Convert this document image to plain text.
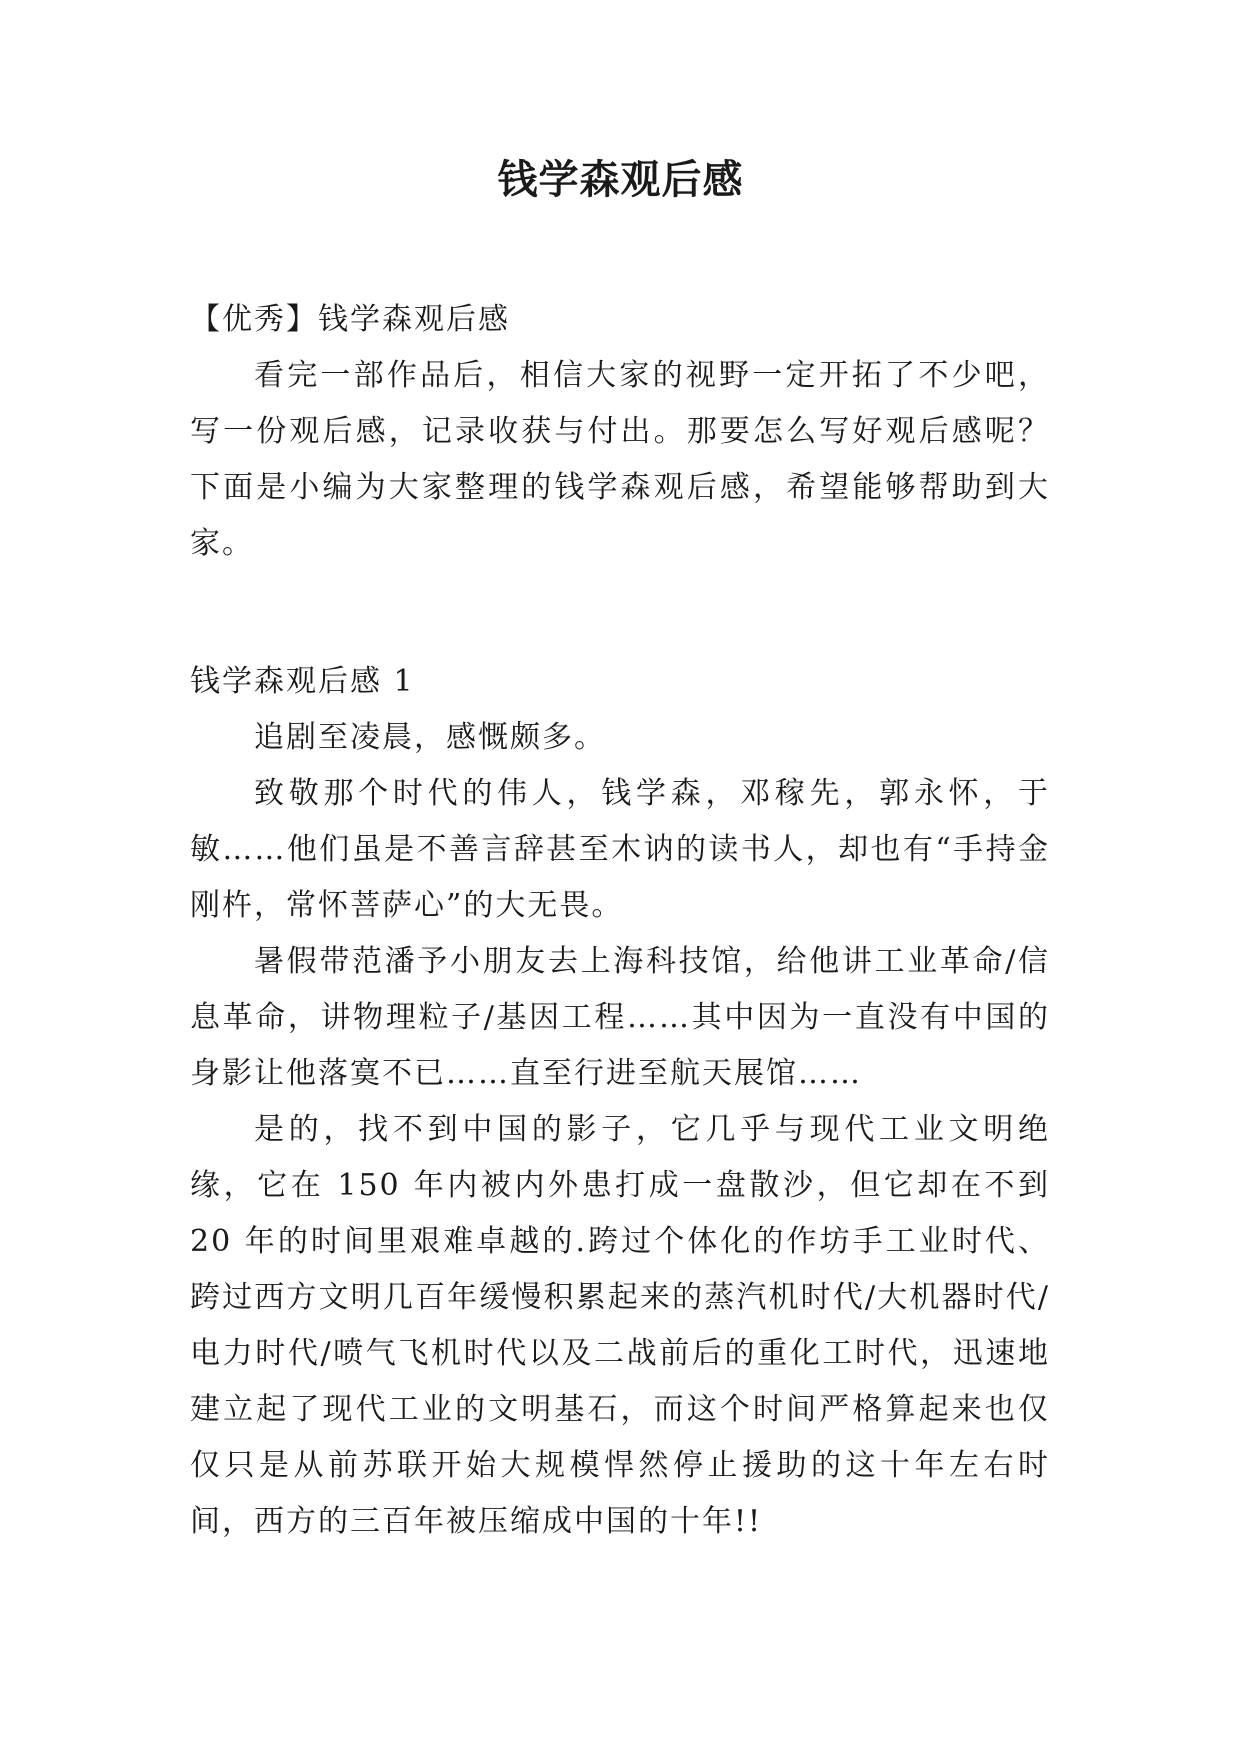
钱学森观后感

【优秀】钱学森观后感

看完一部作品后，相信大家的视野一定开拓了不少吧，写一份观后感，记录收获与付出。那要怎么写好观后感呢？下面是小编为大家整理的钱学森观后感，希望能够帮助到大家。

钱学森观后感 1

追剧至凌晨，感慨颇多。

致敬那个时代的伟人，钱学森，邓稼先，郭永怀，于敏……他们虽是不善言辞甚至木讷的读书人，却也有“手持金刚杵，常怀菩萨心”的大无畏。

暑假带范潘予小朋友去上海科技馆，给他讲工业革命/信息革命，讲物理粒子/基因工程……其中因为一直没有中国的身影让他落寞不已……直至行进至航天展馆……

是的，找不到中国的影子，它几乎与现代工业文明绝缘，它在 150 年内被内外患打成一盘散沙，但它却在不到 20 年的时间里艰难卓越的.跨过个体化的作坊手工业时代、跨过西方文明几百年缓慢积累起来的蒸汽机时代/大机器时代/电力时代/喷气飞机时代以及二战前后的重化工时代，迅速地建立起了现代工业的文明基石，而这个时间严格算起来也仅仅只是从前苏联开始大规模悍然停止援助的这十年左右时间，西方的三百年被压缩成中国的十年!!
